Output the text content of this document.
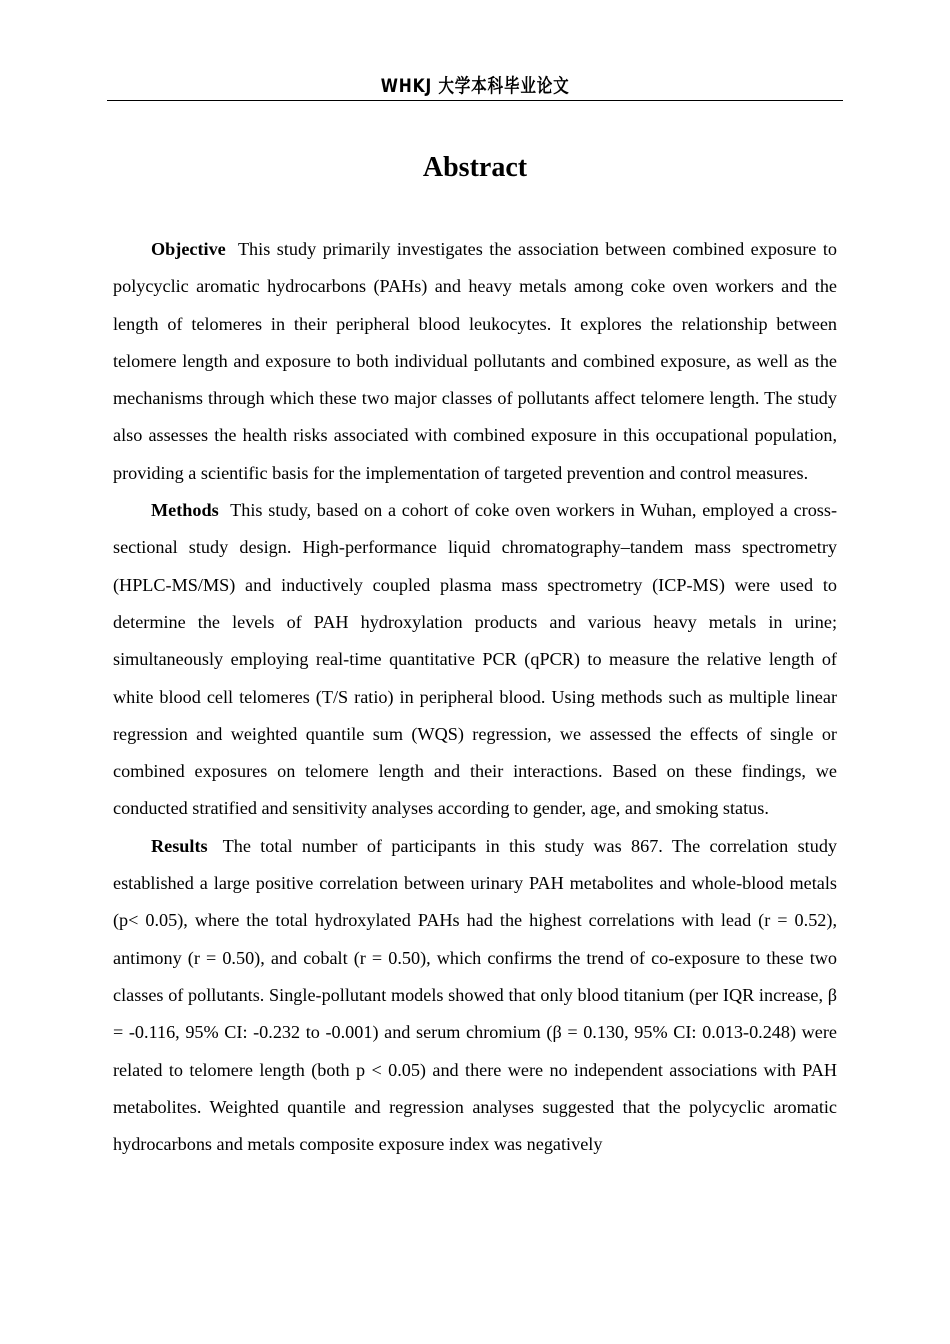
WHKJ 大学本科毕业论文
Abstract

Objective This study primarily investigates the association between combined exposure to polycyclic aromatic hydrocarbons (PAHs) and heavy metals among coke oven workers and the length of telomeres in their peripheral blood leukocytes. It explores the relationship between telomere length and exposure to both individual pollutants and combined exposure, as well as the mechanisms through which these two major classes of pollutants affect telomere length. The study also assesses the health risks associated with combined exposure in this occupational population, providing a scientific basis for the implementation of targeted prevention and control measures.

Methods This study, based on a cohort of coke oven workers in Wuhan, employed a cross-sectional study design. High-performance liquid chromatography–tandem mass spectrometry (HPLC-MS/MS) and inductively coupled plasma mass spectrometry (ICP-MS) were used to determine the levels of PAH hydroxylation products and various heavy metals in urine; simultaneously employing real-time quantitative PCR (qPCR) to measure the relative length of white blood cell telomeres (T/S ratio) in peripheral blood. Using methods such as multiple linear regression and weighted quantile sum (WQS) regression, we assessed the effects of single or combined exposures on telomere length and their interactions. Based on these findings, we conducted stratified and sensitivity analyses according to gender, age, and smoking status.

Results The total number of participants in this study was 867. The correlation study established a large positive correlation between urinary PAH metabolites and whole-blood metals (p< 0.05), where the total hydroxylated PAHs had the highest correlations with lead (r = 0.52), antimony (r = 0.50), and cobalt (r = 0.50), which confirms the trend of co-exposure to these two classes of pollutants. Single-pollutant models showed that only blood titanium (per IQR increase, β = -0.116, 95% CI: -0.232 to -0.001) and serum chromium (β = 0.130, 95% CI: 0.013-0.248) were related to telomere length (both p < 0.05) and there were no independent associations with PAH metabolites. Weighted quantile and regression analyses suggested that the polycyclic aromatic hydrocarbons and metals composite exposure index was negatively
